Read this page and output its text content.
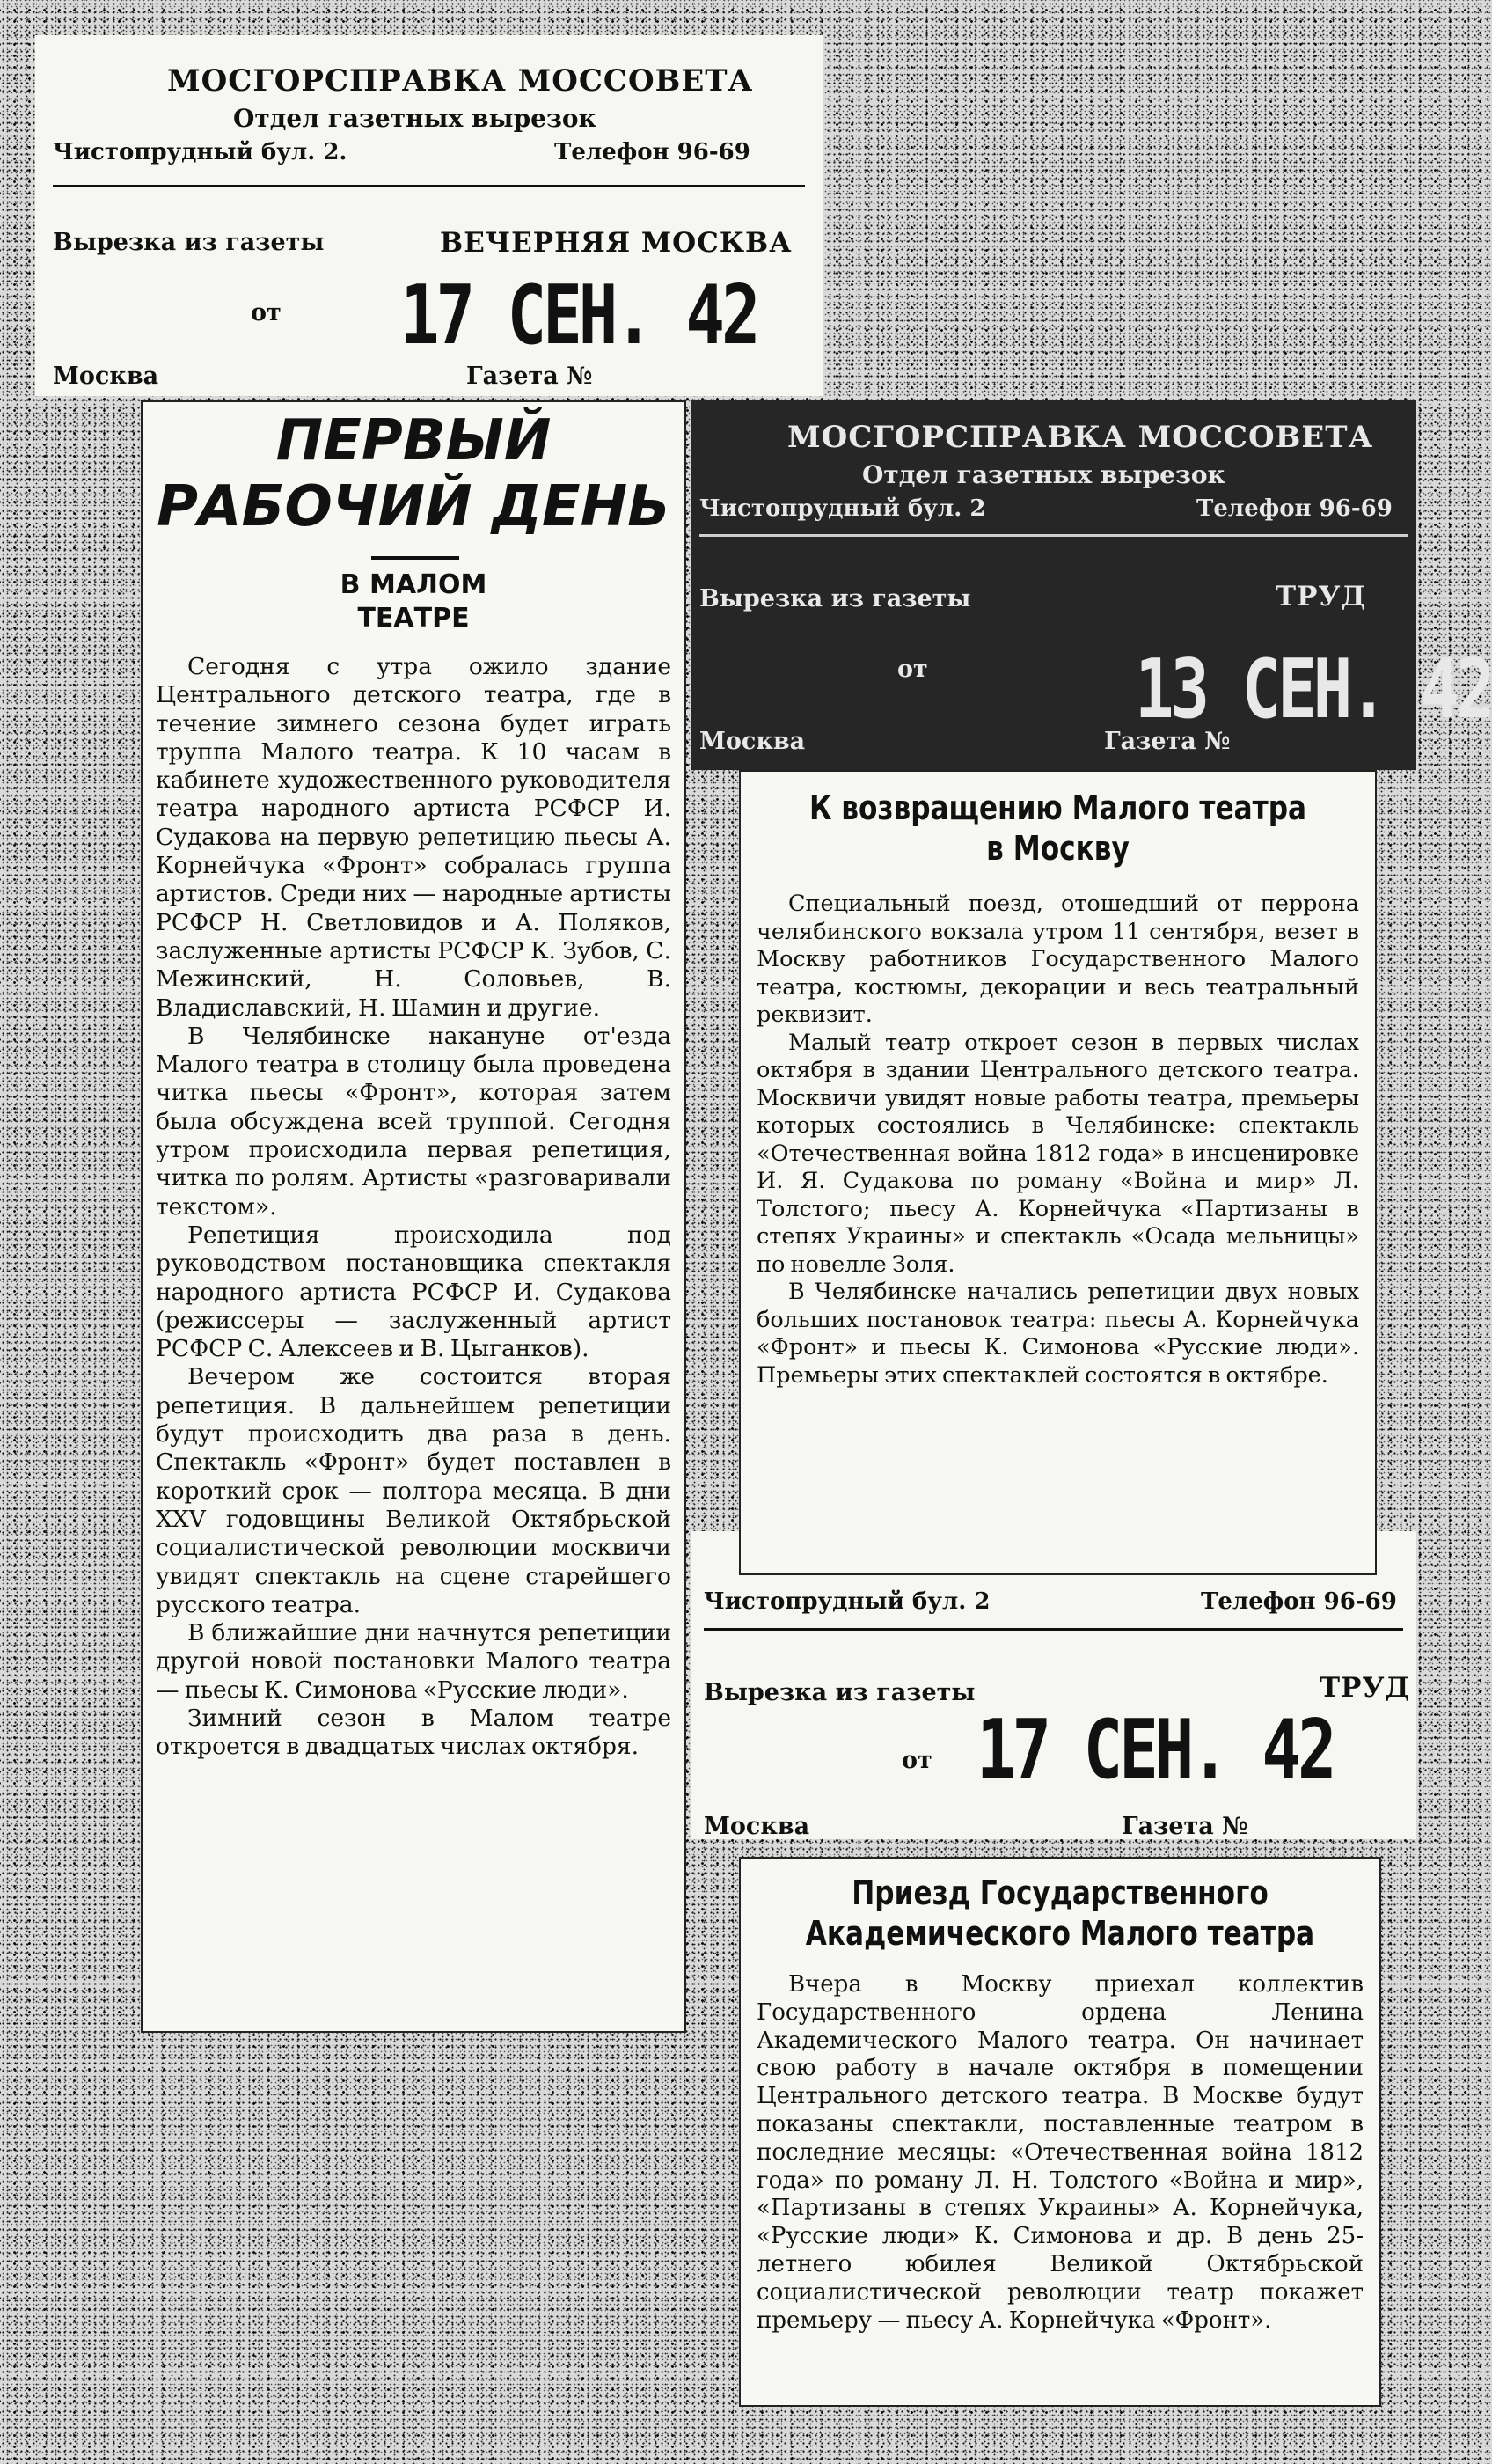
МОСГОРСПРАВКА МОССОВЕТА
Отдел газетных вырезок
Чистопрудный бул. 2.	Телефон 96-69
Вырезка из газеты	ВЕЧЕРНЯЯ МОСКВА
от 17 СЕН. 42
Москва	Газета №
ПЕРВЫЙ
РАБОЧИЙ ДЕНЬ
В МАЛОМ
ТЕАТРЕ

Сегодня с утра ожило здание Центрального детского театра, где в течение зимнего сезона будет играть труппа Малого театра. К 10 часам в кабинете художественного руководителя театра народного артиста РСФСР И. Судакова на первую репетицию пьесы А. Корнейчука «Фронт» собралась группа артистов. Среди них — народные артисты РСФСР Н. Светловидов и А. Поляков, заслуженные артисты РСФСР К. Зубов, С. Межинский, Н. Соловьев, В. Владиславский, Н. Шамин и другие.

В Челябинске накануне от'езда Малого театра в столицу была проведена читка пьесы «Фронт», которая затем была обсуждена всей труппой. Сегодня утром происходила первая репетиция, читка по ролям. Артисты «разговаривали текстом».

Репетиция происходила под руководством постановщика спектакля народного артиста РСФСР И. Судакова (режиссеры — заслуженный артист РСФСР С. Алексеев и В. Цыганков).

Вечером же состоится вторая репетиция. В дальнейшем репетиции будут происходить два раза в день. Спектакль «Фронт» будет поставлен в короткий срок — полтора месяца. В дни XXV годовщины Великой Октябрьской социалистической революции москвичи увидят спектакль на сцене старейшего русского театра.

В ближайшие дни начнутся репетиции другой новой постановки Малого театра — пьесы К. Симонова «Русские люди».

Зимний сезон в Малом театре откроется в двадцатых числах октября.

МОСГОРСПРАВКА МОССОВЕТА
Отдел газетных вырезок
Чистопрудный бул. 2	Телефон 96-69
Вырезка из газеты	ТРУД
от	13 СЕН. 42
Москва	Газета №
Чистопрудный бул. 2	Телефон 96-69
Вырезка из газеты	ТРУД
от 17 СЕН. 42
Москва	Газета №
К возвращению Малого театра
в Москву

Специальный поезд, отошедший от перрона челябинского вокзала утром 11 сентября, везет в Москву работников Государственного Малого театра, костюмы, декорации и весь театральный реквизит.

Малый театр откроет сезон в первых числах октября в здании Центрального детского театра. Москвичи увидят новые работы театра, премьеры которых состоялись в Челябинске: спектакль «Отечественная война 1812 года» в инсценировке И. Я. Судакова по роману «Война и мир» Л. Толстого; пьесу А. Корнейчука «Партизаны в степях Украины» и спектакль «Осада мельницы» по новелле Золя.

В Челябинске начались репетиции двух новых больших постановок театра: пьесы А. Корнейчука «Фронт» и пьесы К. Симонова «Русские люди». Премьеры этих спектаклей состоятся в октябре.

Приезд Государственного
Академического Малого театра

Вчера в Москву приехал коллектив Государственного ордена Ленина Академического Малого театра. Он начинает свою работу в начале октября в помещении Центрального детского театра. В Москве будут показаны спектакли, поставленные театром в последние месяцы: «Отечественная война 1812 года» по роману Л. Н. Толстого «Война и мир», «Партизаны в степях Украины» А. Корнейчука, «Русские люди» К. Симонова и др. В день 25-летнего юбилея Великой Октябрьской социалистической революции театр покажет премьеру — пьесу А. Корнейчука «Фронт».
